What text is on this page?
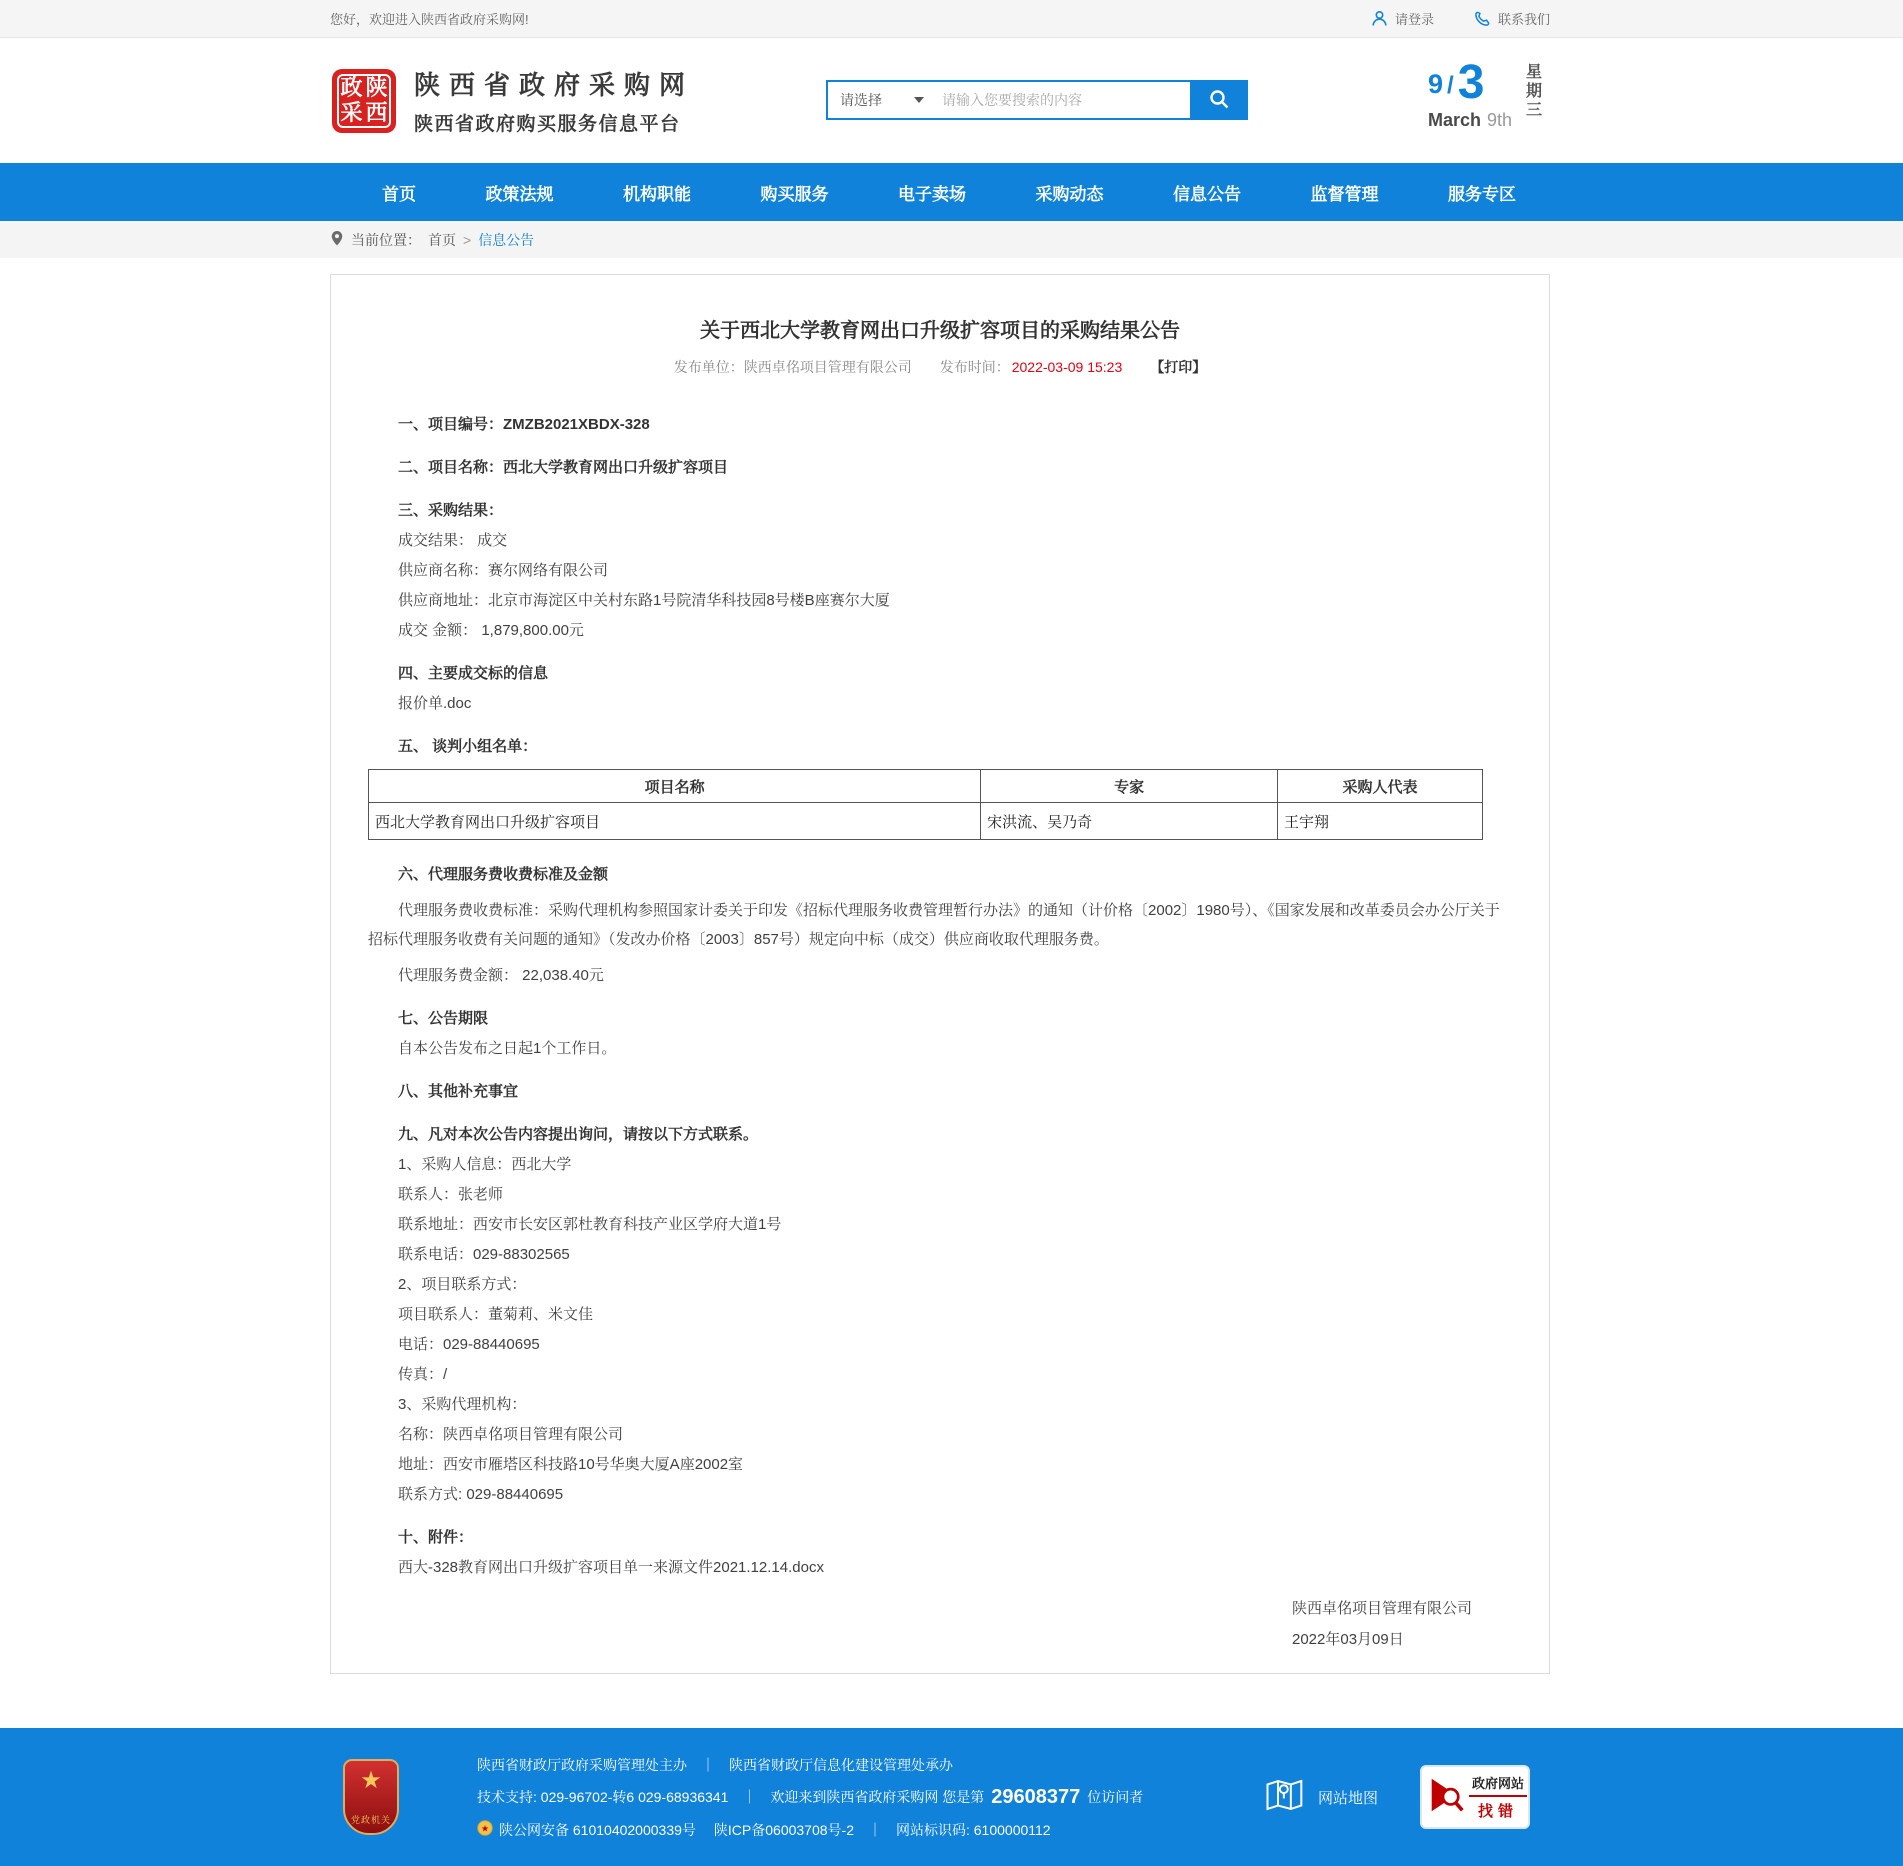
您好，欢迎进入陕西省政府采购网!	请登录	联系我们
政 陕
采 西
陕西省政府采购网
陕西省政府购买服务信息平台
请选择
请输入您要搜索的内容
9 / 3
March 9th
星
期
三
首页	政策法规	机构职能	购买服务	电子卖场	采购动态	信息公告	监督管理	服务专区
当前位置： 首页 > 信息公告
关于西北大学教育网出口升级扩容项目的采购结果公告
发布单位：陕西卓佲项目管理有限公司 发布时间： 2022-03-09 15:23 【打印】

一、项目编号：ZMZB2021XBDX-328

二、项目名称：西北大学教育网出口升级扩容项目

三、采购结果：

成交结果： 成交

供应商名称：赛尔网络有限公司

供应商地址：北京市海淀区中关村东路1号院清华科技园8号楼B座赛尔大厦

成交 金额： 1,879,800.00元

四、主要成交标的信息

报价单.doc

五、 谈判小组名单：

项目名称	专家	采购人代表
西北大学教育网出口升级扩容项目	宋洪流、吴乃奇	王宇翔

六、代理服务费收费标准及金额

代理服务费收费标准：采购代理机构参照国家计委关于印发《招标代理服务收费管理暂行办法》的通知（计价格〔2002〕1980号）、《国家发展和改革委员会办公厅关于招标代理服务收费有关问题的通知》（发改办价格〔2003〕857号）规定向中标（成交）供应商收取代理服务费。

代理服务费金额： 22,038.40元

七、公告期限

自本公告发布之日起1个工作日。

八、其他补充事宜

九、凡对本次公告内容提出询问，请按以下方式联系。

1、采购人信息：西北大学

联系人：张老师

联系地址：西安市长安区郭杜教育科技产业区学府大道1号

联系电话：029-88302565

2、项目联系方式：

项目联系人：董菊莉、米文佳

电话：029-88440695

传真：/

3、采购代理机构：

名称：陕西卓佲项目管理有限公司

地址：西安市雁塔区科技路10号华奥大厦A座2002室

联系方式: 029-88440695

十、附件：

西大-328教育网出口升级扩容项目单一来源文件2021.12.14.docx

陕西卓佲项目管理有限公司
2022年03月09日
★
党政机关
陕西省财政厅政府采购管理处主办 ｜ 陕西省财政厅信息化建设管理处承办
技术支持: 029-96702-转6 029-68936341 ｜ 欢迎来到陕西省政府采购网 您是第 29608377 位访问者
★ 陕公网安备 61010402000339号 陕ICP备06003708号-2 ｜ 网站标识码: 6100000112
网站地图
政府网站
找错
